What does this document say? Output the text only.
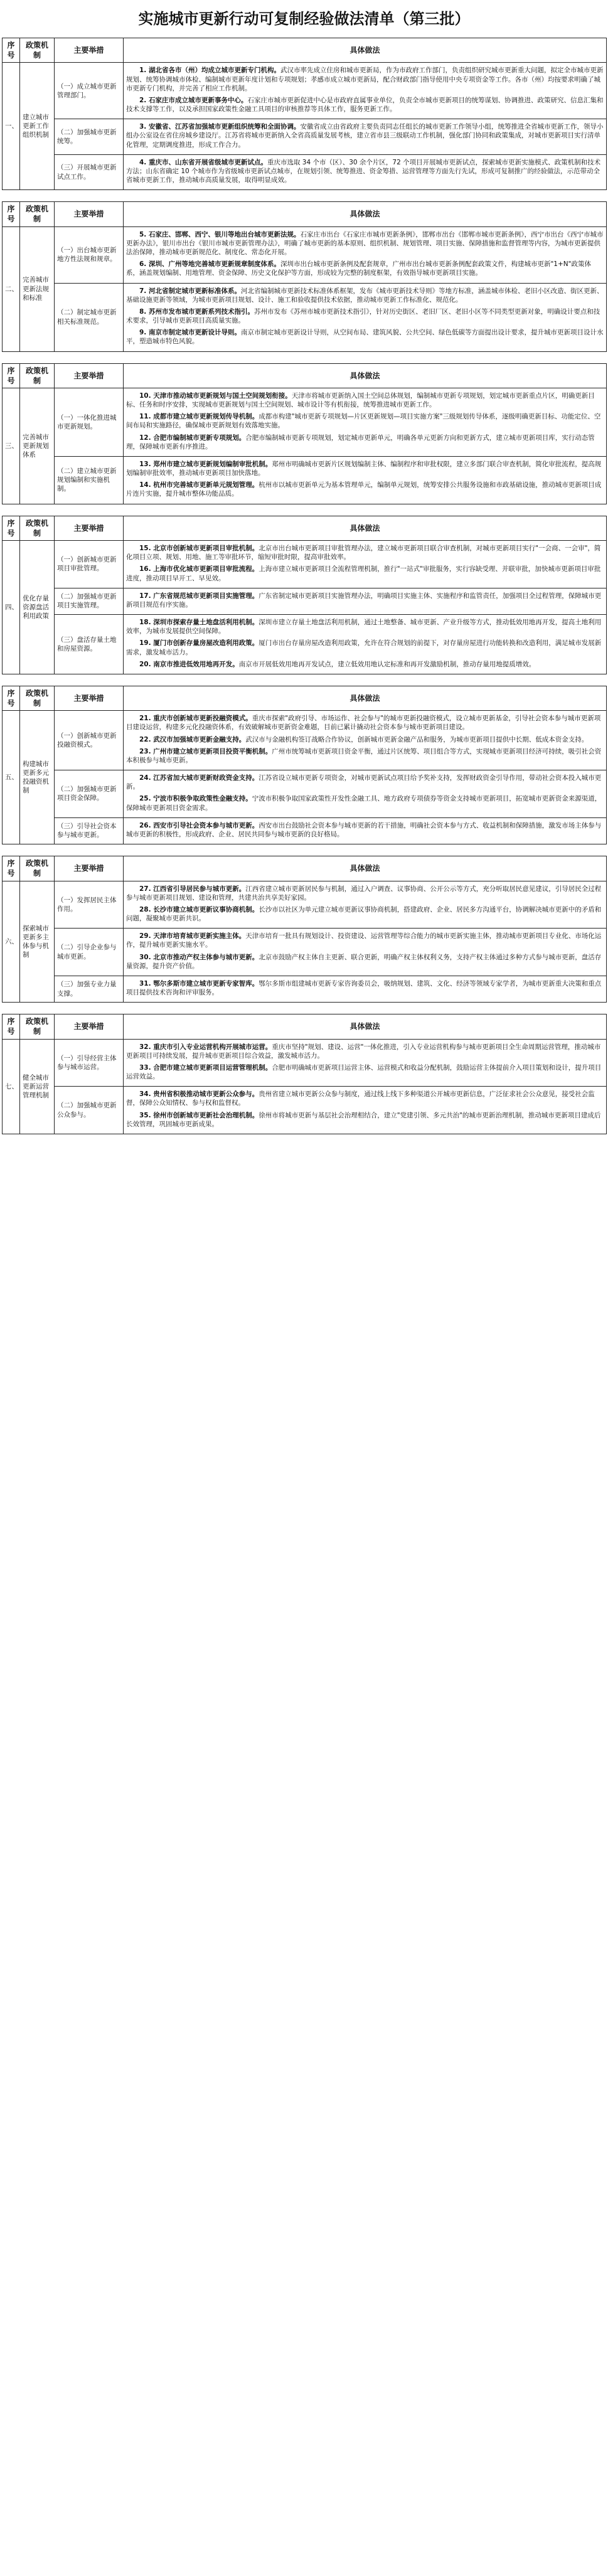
实施城市更新行动可复制经验做法清单（第三批）
序号	政策机制	主要举措	具体做法
一、	建立城市更新工作组织机制	（一）成立城市更新管理部门。	1. 湖北省各市（州）均成立城市更新专门机构。武汉市率先成立住房和城市更新局，作为市政府工作部门，负责组织研究城市更新重大问题，拟定全市城市更新规划、统筹协调城市体检、编制城市更新年度计划和专项规划；孝感市成立城市更新局，配合财政部门指导使用中央专项资金等工作。各市（州）均按要求明确了城市更新专门机构，并完善了相应工作机制。
2. 石家庄市成立城市更新事务中心。石家庄市城市更新促进中心是市政府直属事业单位，负责全市城市更新项目的统筹谋划、协调推进、政策研究、信息汇集和技术支撑等工作，以及承担国家政策性金融工具项目的审核推荐等具体工作，服务更新工作。

		（二）加强城市更新统筹。	3. 安徽省、江苏省加强城市更新组织统筹和全面协调。安徽省成立由省政府主要负责同志任组长的城市更新工作领导小组，统筹推进全省城市更新工作，领导小组办公室设在省住房城乡建设厅。江苏省将城市更新纳入全省高质量发展考核，建立省市县三级联动工作机制，强化部门协同和政策集成，对城市更新项目实行清单化管理，定期调度推进，形成工作合力。

		（三）开展城市更新试点工作。	4. 重庆市、山东省开展省级城市更新试点。重庆市选取 34 个市（区）、30 余个片区，72 个项目开展城市更新试点，探索城市更新实施模式、政策机制和技术方法；山东省确定 10 个城市作为省级城市更新试点城市，在规划引领、统筹推进、资金筹措、运营管理等方面先行先试，形成可复制推广的经验做法，示范带动全省城市更新工作，推动城市高质量发展，取得明显成效。
序号	政策机制	主要举措	具体做法
二、	完善城市更新法规和标准	（一）出台城市更新地方性法规和规章。	5. 石家庄、邯郸、西宁、银川等地出台城市更新法规。石家庄市出台《石家庄市城市更新条例》，邯郸市出台《邯郸市城市更新条例》，西宁市出台《西宁市城市更新办法》，银川市出台《银川市城市更新管理办法》，明确了城市更新的基本原则、组织机制、规划管理、项目实施、保障措施和监督管理等内容，为城市更新提供法治保障，推动城市更新规范化、制度化、常态化开展。
6. 深圳、广州等地完善城市更新规章制度体系。深圳市出台城市更新条例及配套规章，广州市出台城市更新条例配套政策文件，构建城市更新"1+N"政策体系，涵盖规划编制、用地管理、资金保障、历史文化保护等方面，形成较为完整的制度框架，有效指导城市更新项目实施。

		（二）制定城市更新相关标准规范。	7. 河北省制定城市更新标准体系。河北省编制城市更新技术标准体系框架，发布《城市更新技术导则》等地方标准，涵盖城市体检、老旧小区改造、街区更新、基础设施更新等领域，为城市更新项目规划、设计、施工和验收提供技术依据，推动城市更新工作标准化、规范化。
8. 苏州市发布城市更新系列技术指引。苏州市发布《苏州市城市更新技术指引》，针对历史街区、老旧厂区、老旧小区等不同类型更新对象，明确设计要点和技术要求，引导城市更新项目高质量实施。
9. 南京市制定城市更新设计导则。南京市制定城市更新设计导则，从空间布局、建筑风貌、公共空间、绿色低碳等方面提出设计要求，提升城市更新项目设计水平，塑造城市特色风貌。
序号	政策机制	主要举措	具体做法
三、	完善城市更新规划体系	（一）一体化推进城市更新规划。	10. 天津市推动城市更新规划与国土空间规划衔接。天津市将城市更新纳入国土空间总体规划，编制城市更新专项规划，划定城市更新重点片区，明确更新目标、任务和时序安排，实现城市更新规划与国土空间规划、城市设计等有机衔接，统筹推进城市更新工作。
11. 成都市建立城市更新规划传导机制。成都市构建"城市更新专项规划—片区更新规划—项目实施方案"三级规划传导体系，逐级明确更新目标、功能定位、空间布局和实施路径，确保城市更新规划有效落地实施。
12. 合肥市编制城市更新专项规划。合肥市编制城市更新专项规划，划定城市更新单元，明确各单元更新方向和更新方式，建立城市更新项目库，实行动态管理，保障城市更新有序推进。

		（二）建立城市更新规划编制和实施机制。	13. 郑州市建立城市更新规划编制审批机制。郑州市明确城市更新片区规划编制主体、编制程序和审批权限，建立多部门联合审查机制，简化审批流程，提高规划编制审批效率，推动城市更新项目加快落地。
14. 杭州市完善城市更新单元规划管理。杭州市以城市更新单元为基本管理单元，编制单元规划，统筹安排公共服务设施和市政基础设施，推动城市更新项目成片连片实施，提升城市整体功能品质。
序号	政策机制	主要举措	具体做法
四、	优化存量资源盘活利用政策	（一）创新城市更新项目审批管理。	15. 北京市创新城市更新项目审批机制。北京市出台城市更新项目审批管理办法，建立城市更新项目联合审查机制，对城市更新项目实行"一会商、一会审"，简化项目立项、规划、用地、施工等审批环节，缩短审批时限，提高审批效率。
16. 上海市优化城市更新项目审批流程。上海市建立城市更新项目全流程管理机制，推行"一站式"审批服务，实行容缺受理、并联审批，加快城市更新项目审批进度，推动项目早开工、早见效。

		（二）加强城市更新项目实施管理。	17. 广东省规范城市更新项目实施管理。广东省制定城市更新项目实施管理办法，明确项目实施主体、实施程序和监管责任，加强项目全过程管理，保障城市更新项目规范有序实施。

		（三）盘活存量土地和房屋资源。	18. 深圳市探索存量土地盘活利用机制。深圳市建立存量土地盘活利用机制，通过土地整备、城市更新、产业升级等方式，推动低效用地再开发，提高土地利用效率，为城市发展提供空间保障。
19. 厦门市创新存量房屋改造利用政策。厦门市出台存量房屋改造利用政策，允许在符合规划的前提下，对存量房屋进行功能转换和改造利用，满足城市发展新需求，激发城市活力。
20. 南京市推进低效用地再开发。南京市开展低效用地再开发试点，建立低效用地认定标准和再开发激励机制，推动存量用地提质增效。
序号	政策机制	主要举措	具体做法
五、	构建城市更新多元投融资机制	（一）创新城市更新投融资模式。	21. 重庆市创新城市更新投融资模式。重庆市探索"政府引导、市场运作、社会参与"的城市更新投融资模式，设立城市更新基金，引导社会资本参与城市更新项目建设运营，构建多元化投融资体系，有效破解城市更新资金难题，目前已累计撬动社会资本参与城市更新项目建设。
22. 武汉市加强城市更新金融支持。武汉市与金融机构签订战略合作协议，创新城市更新金融产品和服务，为城市更新项目提供中长期、低成本资金支持。
23. 广州市建立城市更新项目投资平衡机制。广州市统筹城市更新项目资金平衡，通过片区统筹、项目组合等方式，实现城市更新项目经济可持续，吸引社会资本积极参与城市更新。

		（二）加强城市更新项目资金保障。	24. 江苏省加大城市更新财政资金支持。江苏省设立城市更新专项资金，对城市更新试点项目给予奖补支持，发挥财政资金引导作用，带动社会资本投入城市更新。
25. 宁波市积极争取政策性金融支持。宁波市积极争取国家政策性开发性金融工具、地方政府专项债券等资金支持城市更新项目，拓宽城市更新资金来源渠道，保障城市更新项目资金需求。

		（三）引导社会资本参与城市更新。	26. 西安市引导社会资本参与城市更新。西安市出台鼓励社会资本参与城市更新的若干措施，明确社会资本参与方式、收益机制和保障措施，激发市场主体参与城市更新的积极性，形成政府、企业、居民共同参与城市更新的良好格局。
序号	政策机制	主要举措	具体做法
六、	探索城市更新多主体参与机制	（一）发挥居民主体作用。	27. 江西省引导居民参与城市更新。江西省建立城市更新居民参与机制，通过入户调查、议事协商、公开公示等方式，充分听取居民意见建议，引导居民全过程参与城市更新项目规划、建设和管理，共建共治共享美好家园。
28. 长沙市建立城市更新议事协商机制。长沙市以社区为单元建立城市更新议事协商机制，搭建政府、企业、居民多方沟通平台，协调解决城市更新中的矛盾和问题，凝聚城市更新共识。

		（二）引导企业参与城市更新。	29. 天津市培育城市更新实施主体。天津市培育一批具有规划设计、投资建设、运营管理等综合能力的城市更新实施主体，推动城市更新项目专业化、市场化运作，提升城市更新实施水平。
30. 北京市推动产权主体参与城市更新。北京市鼓励产权主体自主更新、联合更新，明确产权主体权利义务，支持产权主体通过多种方式参与城市更新，盘活存量资源，提升资产价值。

		（三）加强专业力量支撑。	31. 鄂尔多斯市建立城市更新专家智库。鄂尔多斯市组建城市更新专家咨询委员会，吸纳规划、建筑、文化、经济等领域专家学者，为城市更新重大决策和重点项目提供技术咨询和评审服务。
序号	政策机制	主要举措	具体做法
七、	健全城市更新运营管理机制	（一）引导经营主体参与城市运营。	32. 重庆市引入专业运营机构开展城市运营。重庆市坚持"规划、建设、运营"一体化推进，引入专业运营机构参与城市更新项目全生命周期运营管理，推动城市更新项目可持续发展，提升城市更新项目综合效益，激发城市活力。
33. 合肥市建立城市更新项目运营管理机制。合肥市明确城市更新项目运营主体、运营模式和收益分配机制，鼓励运营主体提前介入项目策划和设计，提升项目运营效益。

		（二）加强城市更新公众参与。	34. 贵州省积极推动城市更新公众参与。贵州省建立城市更新公众参与制度，通过线上线下多种渠道公开城市更新信息，广泛征求社会公众意见，接受社会监督，保障公众知情权、参与权和监督权。
35. 徐州市创新城市更新社会治理机制。徐州市将城市更新与基层社会治理相结合，建立"党建引领、多元共治"的城市更新治理机制，推动城市更新项目建成后长效管理，巩固城市更新成果。
